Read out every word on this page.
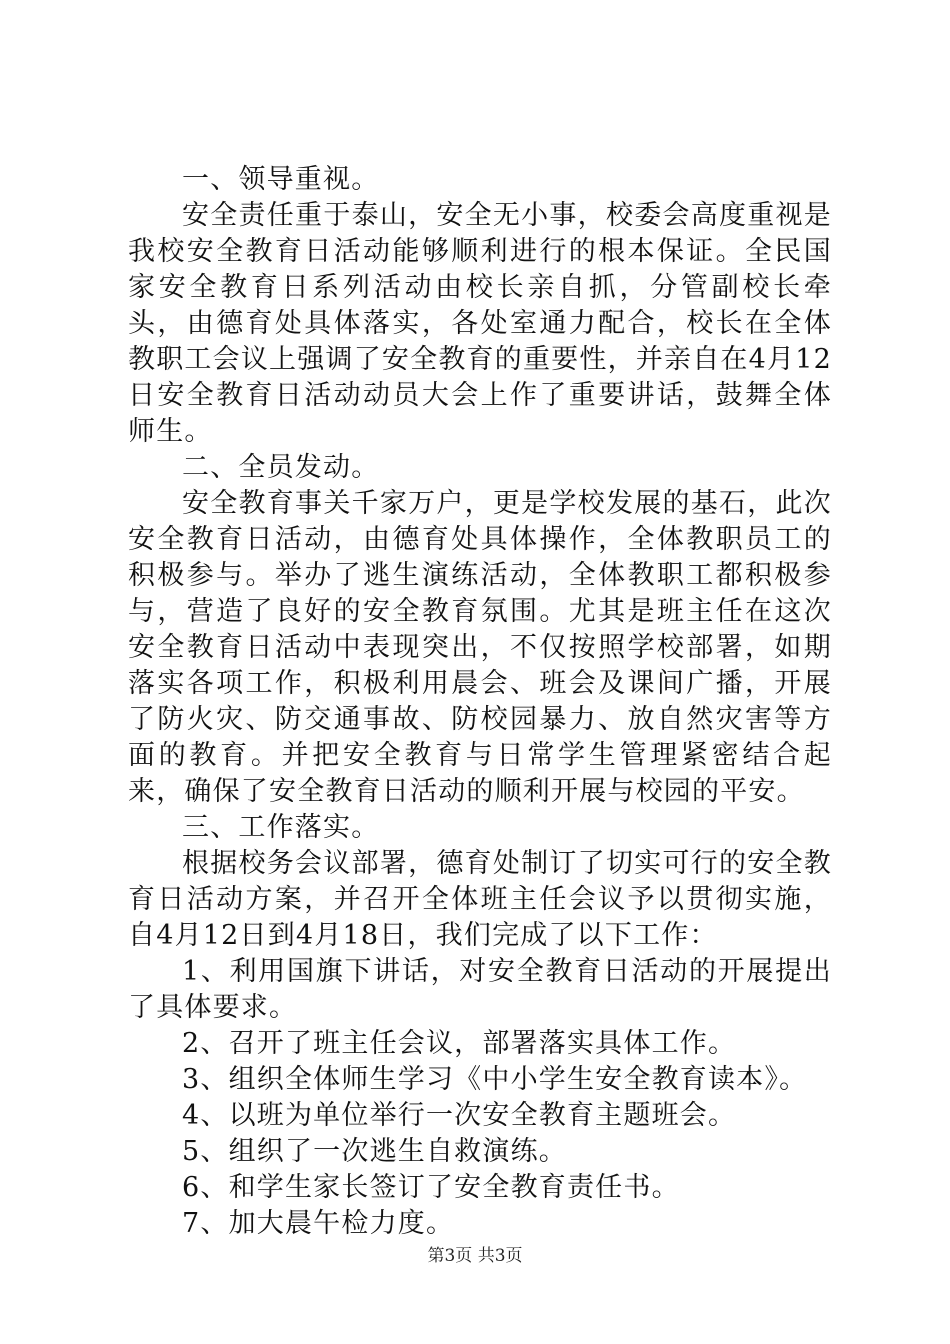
一、领导重视。

安全责任重于泰山，安全无小事，校委会高度重视是我校安全教育日活动能够顺利进行的根本保证。全民国家安全教育日系列活动由校长亲自抓，分管副校长牵头，由德育处具体落实，各处室通力配合，校长在全体教职工会议上强调了安全教育的重要性，并亲自在4月12日安全教育日活动动员大会上作了重要讲话，鼓舞全体师生。

二、全员发动。

安全教育事关千家万户，更是学校发展的基石，此次安全教育日活动，由德育处具体操作，全体教职员工的积极参与。举办了逃生演练活动，全体教职工都积极参与，营造了良好的安全教育氛围。尤其是班主任在这次安全教育日活动中表现突出，不仅按照学校部署，如期落实各项工作，积极利用晨会、班会及课间广播，开展了防火灾、防交通事故、防校园暴力、放自然灾害等方面的教育。并把安全教育与日常学生管理紧密结合起来，确保了安全教育日活动的顺利开展与校园的平安。

三、工作落实。

根据校务会议部署，德育处制订了切实可行的安全教育日活动方案，并召开全体班主任会议予以贯彻实施，自4月12日到4月18日，我们完成了以下工作：

1、利用国旗下讲话，对安全教育日活动的开展提出了具体要求。

2、召开了班主任会议，部署落实具体工作。

3、组织全体师生学习《中小学生安全教育读本》。

4、以班为单位举行一次安全教育主题班会。

5、组织了一次逃生自救演练。

6、和学生家长签订了安全教育责任书。

7、加大晨午检力度。

第3页 共3页
